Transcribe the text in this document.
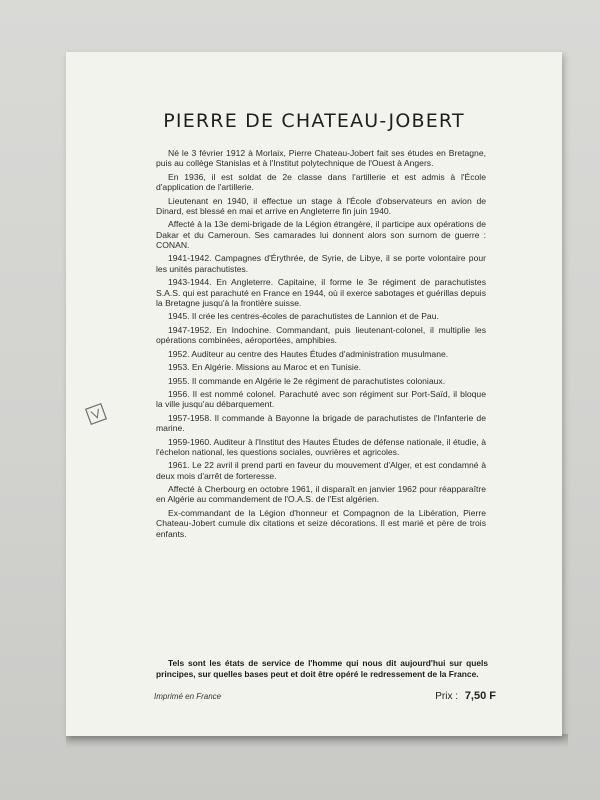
PIERRE DE CHATEAU-JOBERT

Né le 3 février 1912 à Morlaix, Pierre Chateau-Jobert fait ses études en Bretagne, puis au collège Stanislas et à l'Institut polytechnique de l'Ouest à Angers.

En 1936, il est soldat de 2e classe dans l'artillerie et est admis à l'École d'application de l'artillerie.

Lieutenant en 1940, il effectue un stage à l'École d'observateurs en avion de Dinard, est blessé en mai et arrive en Angleterre fin juin 1940.

Affecté à la 13e demi-brigade de la Légion étrangère, il participe aux opérations de Dakar et du Cameroun. Ses camarades lui donnent alors son surnom de guerre : CONAN.

1941-1942. Campagnes d'Érythrée, de Syrie, de Libye, il se porte volontaire pour les unités parachutistes.

1943-1944. En Angleterre. Capitaine, il forme le 3e régiment de parachutistes S.A.S. qui est parachuté en France en 1944, où il exerce sabotages et guérillas depuis la Bretagne jusqu'à la frontière suisse.

1945. Il crée les centres-écoles de parachutistes de Lannion et de Pau.

1947-1952. En Indochine. Commandant, puis lieutenant-colonel, il multiplie les opérations combinées, aéroportées, amphibies.

1952. Auditeur au centre des Hautes Études d'administration musulmane.

1953. En Algérie. Missions au Maroc et en Tunisie.

1955. Il commande en Algérie le 2e régiment de parachutistes coloniaux.

1956. Il est nommé colonel. Parachuté avec son régiment sur Port-Saïd, il bloque la ville jusqu'au débarquement.

1957-1958. Il commande à Bayonne la brigade de parachutistes de l'Infanterie de marine.

1959-1960. Auditeur à l'Institut des Hautes Études de défense nationale, il étudie, à l'échelon national, les questions sociales, ouvrières et agricoles.

1961. Le 22 avril il prend parti en faveur du mouvement d'Alger, et est condamné à deux mois d'arrêt de forteresse.

Affecté à Cherbourg en octobre 1961, il disparaît en janvier 1962 pour réapparaître en Algérie au commandement de l'O.A.S. de l'Est algérien.

Ex-commandant de la Légion d'honneur et Compagnon de la Libération, Pierre Chateau-Jobert cumule dix citations et seize décorations. Il est marié et père de trois enfants.

Tels sont les états de service de l'homme qui nous dit aujourd'hui sur quels principes, sur quelles bases peut et doit être opéré le redressement de la France.
Imprimé en France	Prix : 7,50 F
